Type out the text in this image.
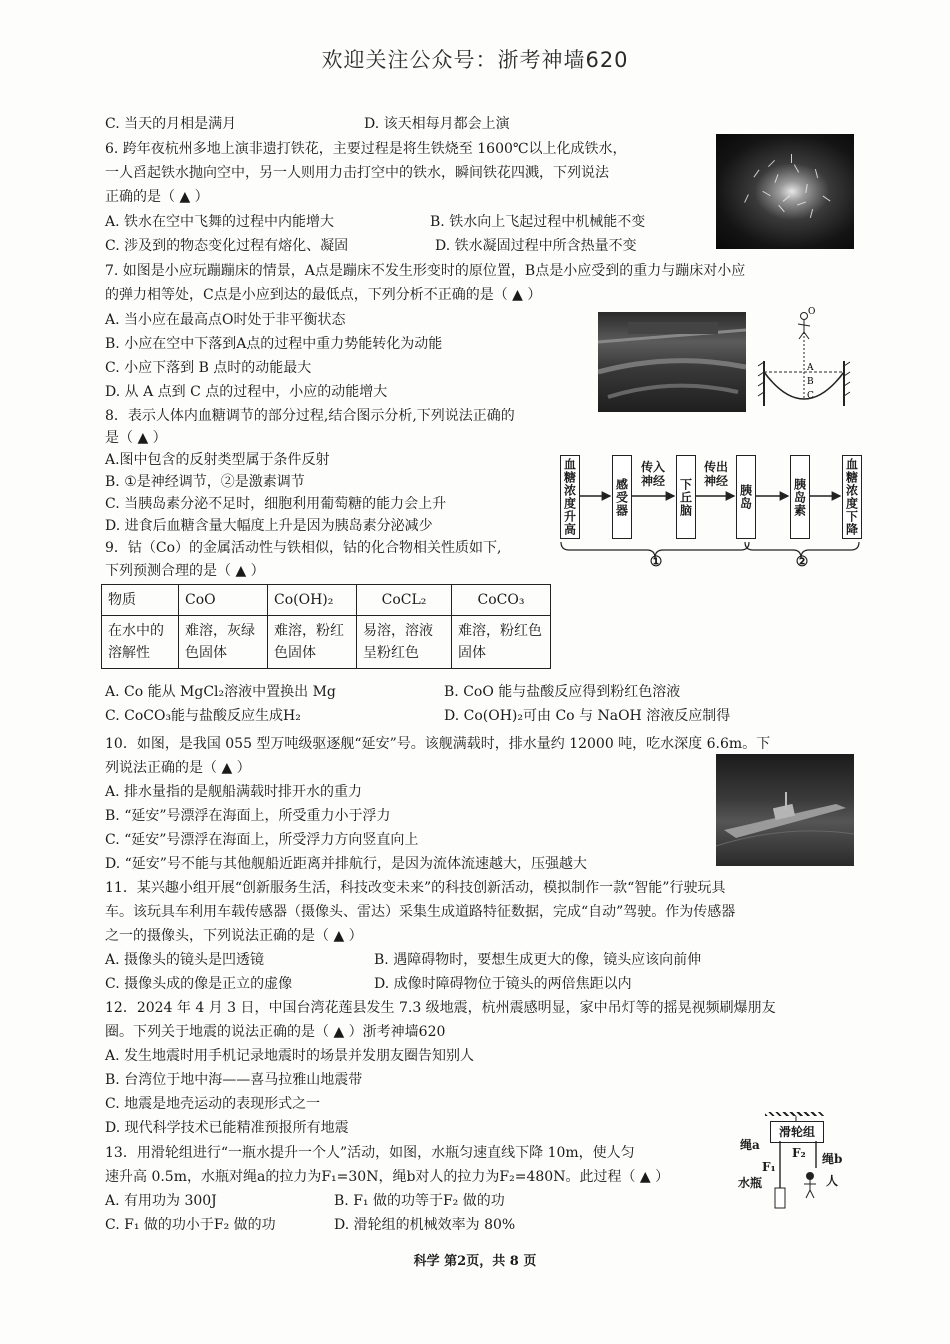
欢迎关注公众号：浙考神墙620
C. 当天的月相是满月	D. 该天相每月都会上演
6. 跨年夜杭州多地上演非遗打铁花，主要过程是将生铁烧至 1600℃以上化成铁水，
一人舀起铁水抛向空中，另一人则用力击打空中的铁水，瞬间铁花四溅，下列说法
正确的是（ ▲ ）
A. 铁水在空中飞舞的过程中内能增大	B. 铁水向上飞起过程中机械能不变
C. 涉及到的物态变化过程有熔化、凝固	D. 铁水凝固过程中所含热量不变
7. 如图是小应玩蹦蹦床的情景，A点是蹦床不发生形变时的原位置，B点是小应受到的重力与蹦床对小应
的弹力相等处，C点是小应到达的最低点，下列分析不正确的是（ ▲ ）
A. 当小应在最高点O时处于非平衡状态
B. 小应在空中下落到A点的过程中重力势能转化为动能
C. 小应下落到 B 点时的动能最大
D. 从 A 点到 C 点的过程中，小应的动能增大
8．表示人体内血糖调节的部分过程,结合图示分析,下列说法正确的
是（ ▲ ）
A.图中包含的反射类型属于条件反射
B. ①是神经调节，②是激素调节
C. 当胰岛素分泌不足时，细胞利用葡萄糖的能力会上升
D. 进食后血糖含量大幅度上升是因为胰岛素分泌减少
9．钴（Co）的金属活动性与铁相似，钴的化合物相关性质如下,
下列预测合理的是（ ▲ ）
10．如图，是我国 055 型万吨级驱逐舰“延安”号。该舰满载时，排水量约 12000 吨，吃水深度 6.6m。下
列说法正确的是（ ▲ ）
A. 排水量指的是舰船满载时排开水的重力
B. “延安”号漂浮在海面上，所受重力小于浮力
C. “延安”号漂浮在海面上，所受浮力方向竖直向上
D. “延安”号不能与其他舰船近距离并排航行，是因为流体流速越大，压强越大
11．某兴趣小组开展“创新服务生活，科技改变未来”的科技创新活动，模拟制作一款“智能”行驶玩具
车。该玩具车利用车载传感器（摄像头、雷达）采集生成道路特征数据，完成“自动”驾驶。作为传感器
之一的摄像头，下列说法正确的是（ ▲ ）
A. 摄像头的镜头是凹透镜	B. 遇障碍物时，要想生成更大的像，镜头应该向前伸
C. 摄像头成的像是正立的虚像	D. 成像时障碍物位于镜头的两倍焦距以内
12．2024 年 4 月 3 日，中国台湾花莲县发生 7.3 级地震，杭州震感明显，家中吊灯等的摇晃视频刷爆朋友
圈。下列关于地震的说法正确的是（ ▲ ）浙考神墙620
A. 发生地震时用手机记录地震时的场景并发朋友圈告知别人
B. 台湾位于地中海——喜马拉雅山地震带
C. 地震是地壳运动的表现形式之一
D. 现代科学技术已能精准预报所有地震
13．用滑轮组进行“一瓶水提升一个人”活动，如图，水瓶匀速直线下降 10m，使人匀
速升高 0.5m，水瓶对绳a的拉力为F₁=30N，绳b对人的拉力为F₂=480N。此过程（ ▲ ）
A. 有用功为 300J	B. F₁ 做的功等于F₂ 做的功
C. F₁ 做的功小于F₂ 做的功	D. 滑轮组的机械效率为 80%
A. Co 能从 MgCl₂溶液中置换出 Mg	B. CoO 能与盐酸反应得到粉红色溶液
C. CoCO₃能与盐酸反应生成H₂	D. Co(OH)₂可由 Co 与 NaOH 溶液反应制得
O
A
B
C
血糖浓度升高	感受器	下丘脑	胰岛	胰岛素	血糖浓度下降
传入神经
传出神经
①	②
物质	CoO	Co(OH)₂	CoCL₂	CoCO₃
在水中的溶解性	难溶，灰绿色固体	难溶，粉红色固体	易溶，溶液呈粉红色	难溶，粉红色固体
滑轮组
绳a
绳b
F₁
F₂
水瓶	人
科学 第2页，共 8 页
